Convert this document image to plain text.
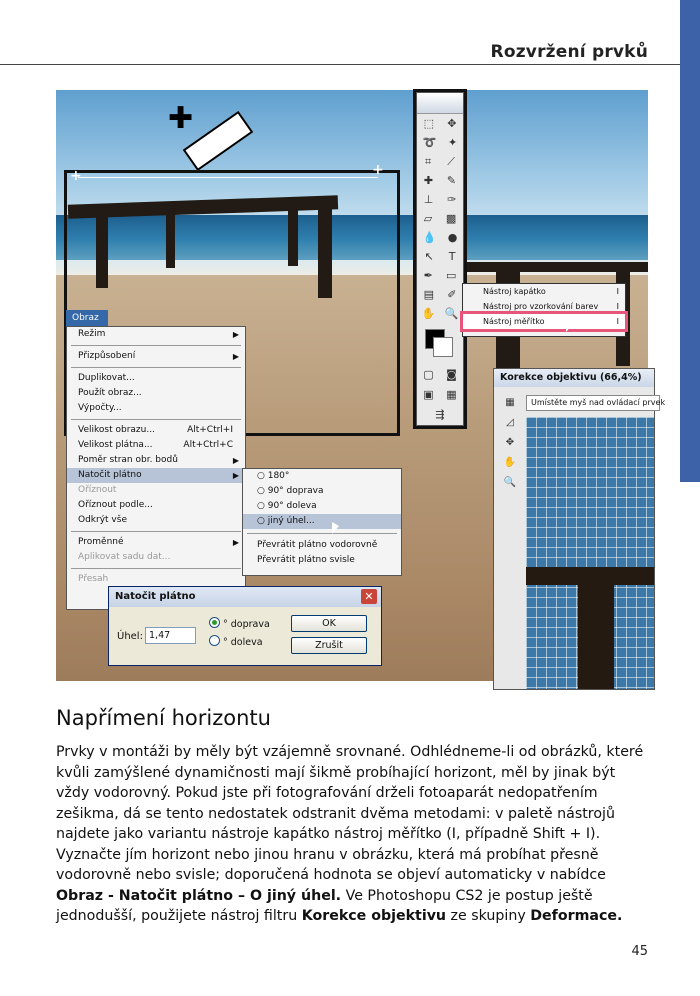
Rozvržení prvků
+	+
✚	⬚ ✥
➰ ✦
⌗ ⟋
✚ ✎
⊥ ✑
▱ ▩
💧 ●
↖ T
✒ ▭
▤ ✐
✋ 🔍
▢ ◙
▣ ▦
⇶
Nástroj kapátko	I
Nástroj pro vzorkování barev I
Nástroj měřítko	I
Korekce objektivu (66,4%)
▦
◿
✥
✋
🔍
Umístěte myš nad ovládací prvek
Obraz
Režim	▶
Přizpůsobení	▶
Duplikovat...
Použít obraz...
Výpočty...
Velikost obrazu...	Alt+Ctrl+I
Velikost plátna...	Alt+Ctrl+C
Poměr stran obr. bodů	▶
Natočit plátno	▶
Oříznout
Oříznout podle...
Odkrýt vše
Proměnné	▶
Aplikovat sadu dat...
Přesah
○ 180°
○ 90° doprava
○ 90° doleva
○ jiný úhel...
Převrátit plátno vodorovně
Převrátit plátno svisle
Natočit plátno	✕
Úhel: 1,47
° doprava
° doleva
OK
Zrušit
Napřímení horizontu
Prvky v montáži by měly být vzájemně srovnané. Odhlédneme-li od obrázků, které kvůli zamýšlené dynamičnosti mají šikmě probíhající horizont, měl by jinak být vždy vodorovný. Pokud jste při fotografování drželi fotoaparát nedopatřením zešikma, dá se tento nedostatek odstranit dvěma metodami: v paletě nástrojů najdete jako variantu nástroje kapátko nástroj měřítko (I, případně Shift + I). Vyznačte jím horizont nebo jinou hranu v obrázku, která má probíhat přesně vodorovně nebo svisle; doporučená hodnota se objeví automaticky v nabídce Obraz - Natočit plátno – O jiný úhel. Ve Photoshopu CS2 je postup ještě jednodušší, použijete nástroj filtru Korekce objektivu ze skupiny Deformace.
45
